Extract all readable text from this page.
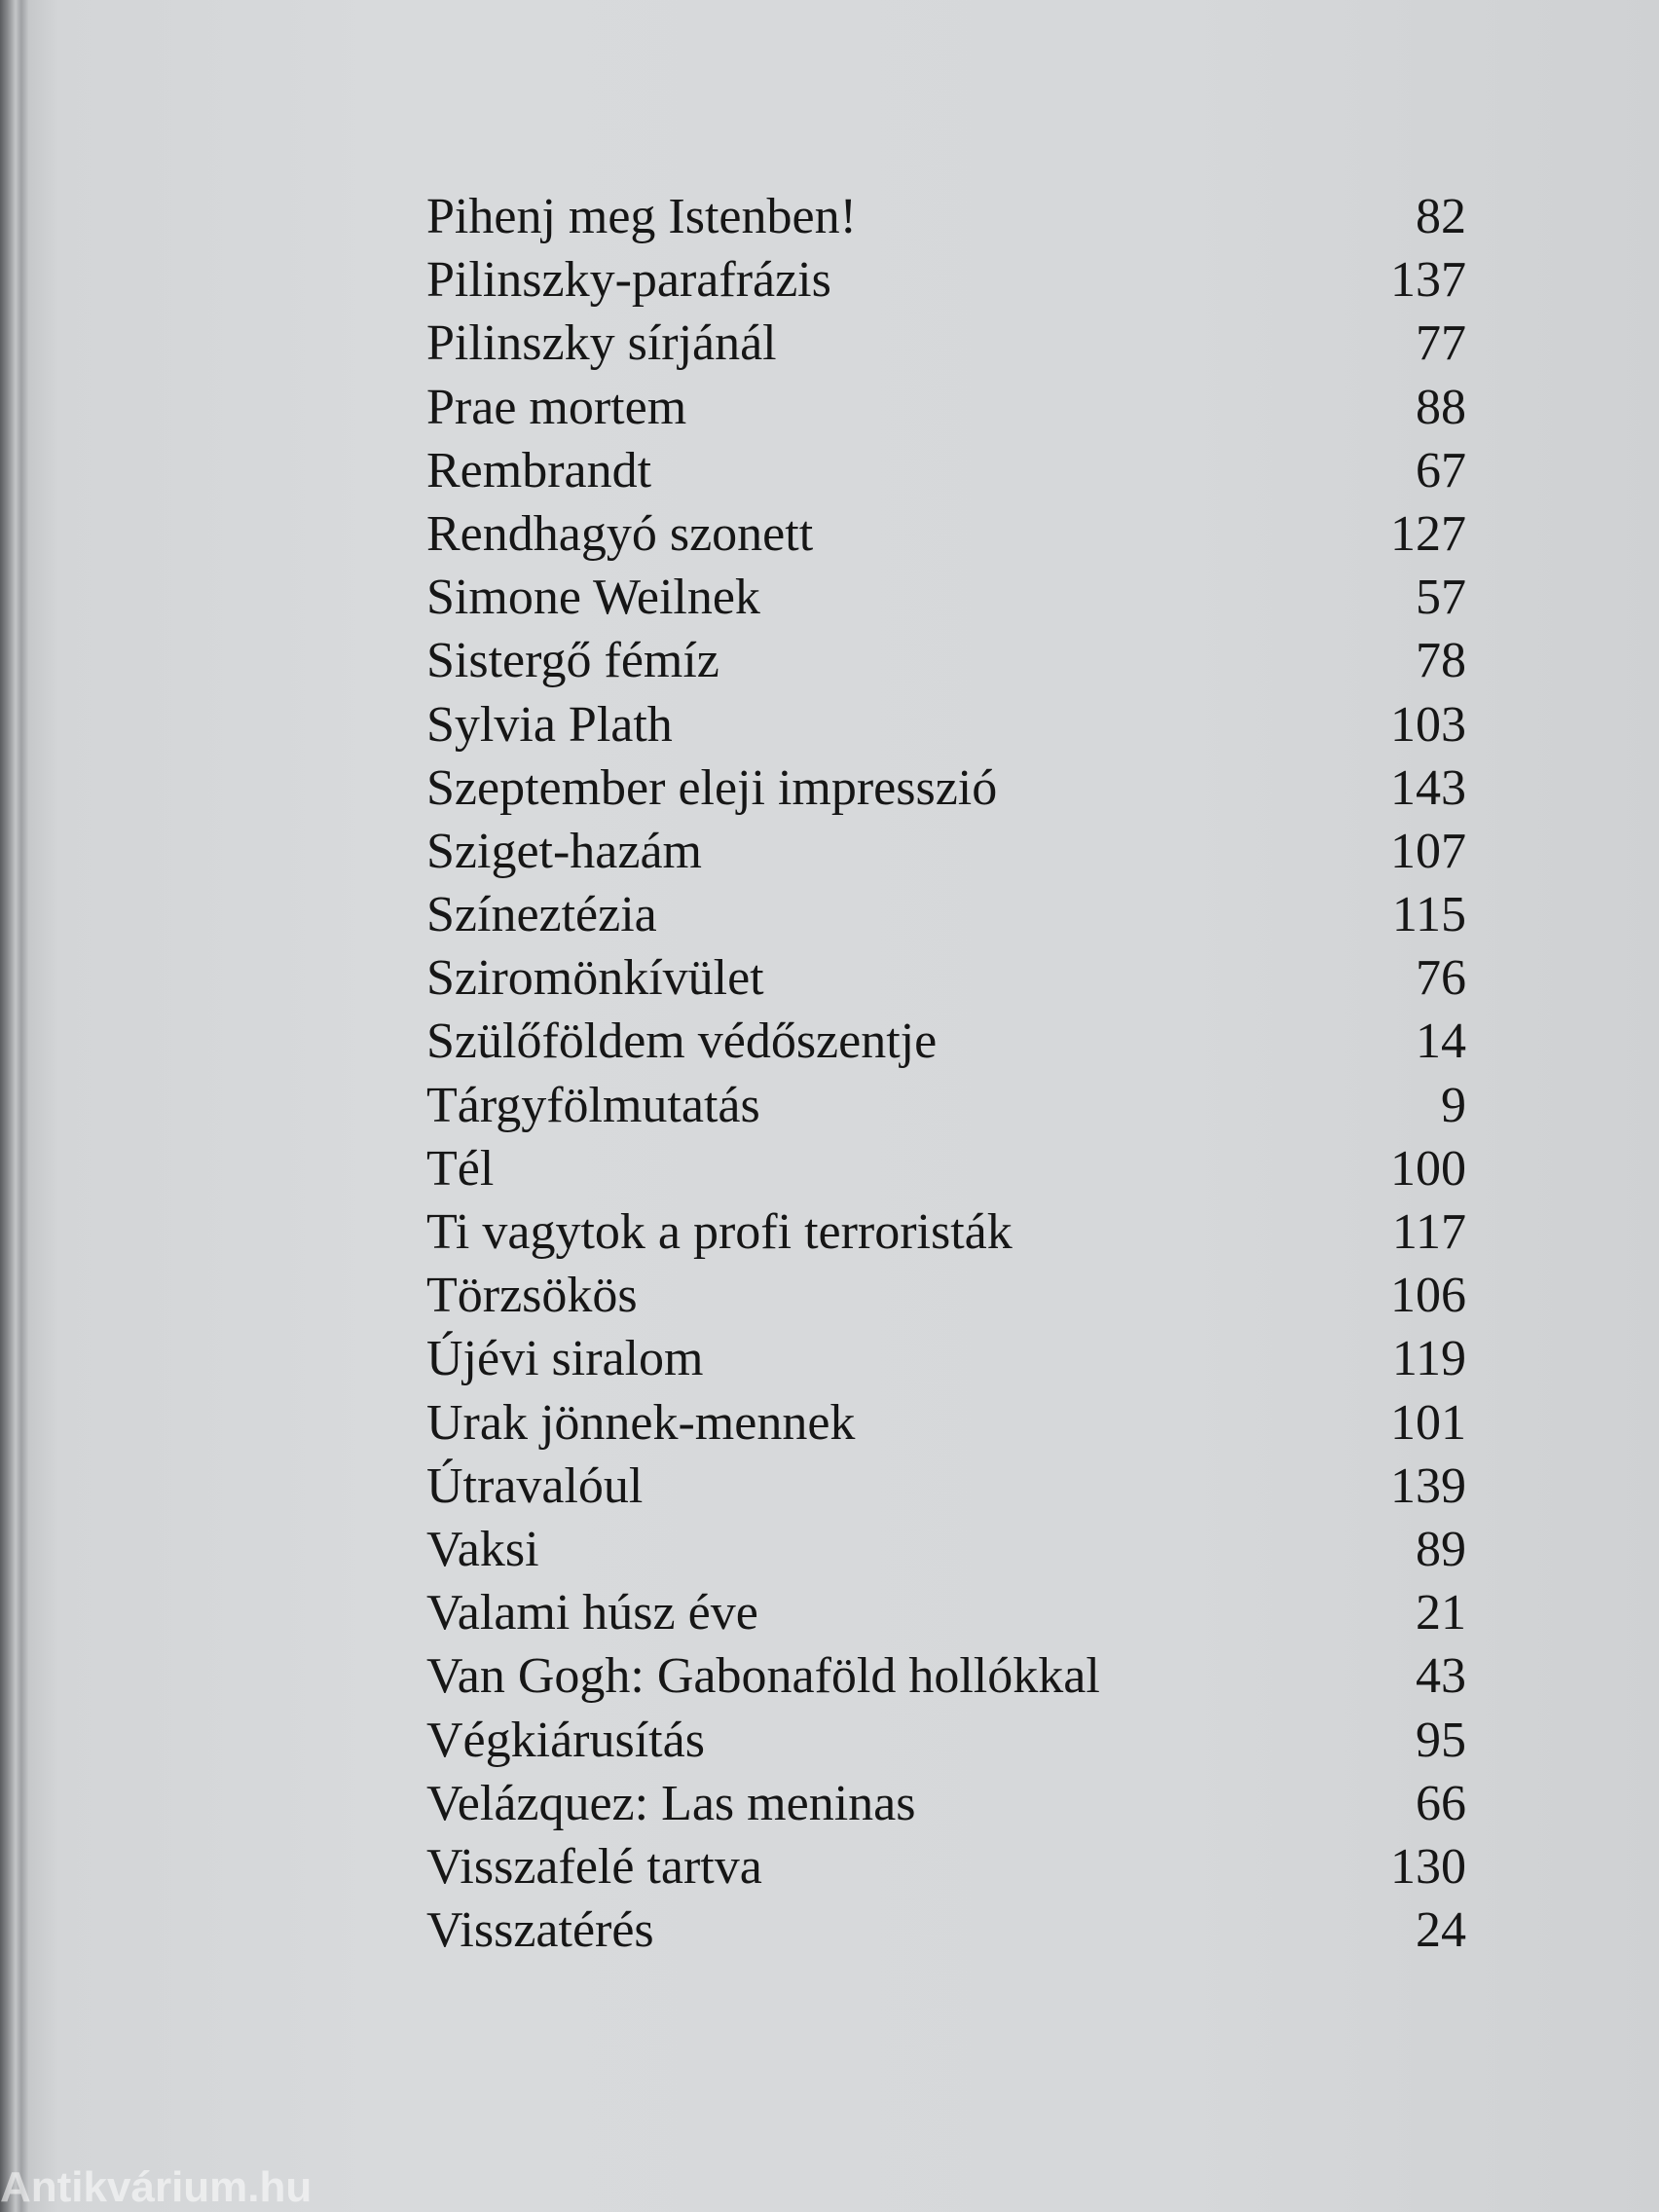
Pihenj meg Istenben!	82
Pilinszky-parafrázis	137
Pilinszky sírjánál	77
Prae mortem	88
Rembrandt	67
Rendhagyó szonett	127
Simone Weilnek	57
Sistergő fémíz	78
Sylvia Plath	103
Szeptember eleji impresszió	143
Sziget-hazám	107
Színeztézia	115
Sziromönkívület	76
Szülőföldem védőszentje	14
Tárgyfölmutatás	9
Tél	100
Ti vagytok a profi terroristák	117
Törzsökös	106
Újévi siralom	119
Urak jönnek-mennek	101
Útravalóul	139
Vaksi	89
Valami húsz éve	21
Van Gogh: Gabonaföld hollókkal	43
Végkiárusítás	95
Velázquez: Las meninas	66
Visszafelé tartva	130
Visszatérés	24
Antikvárium.hu
